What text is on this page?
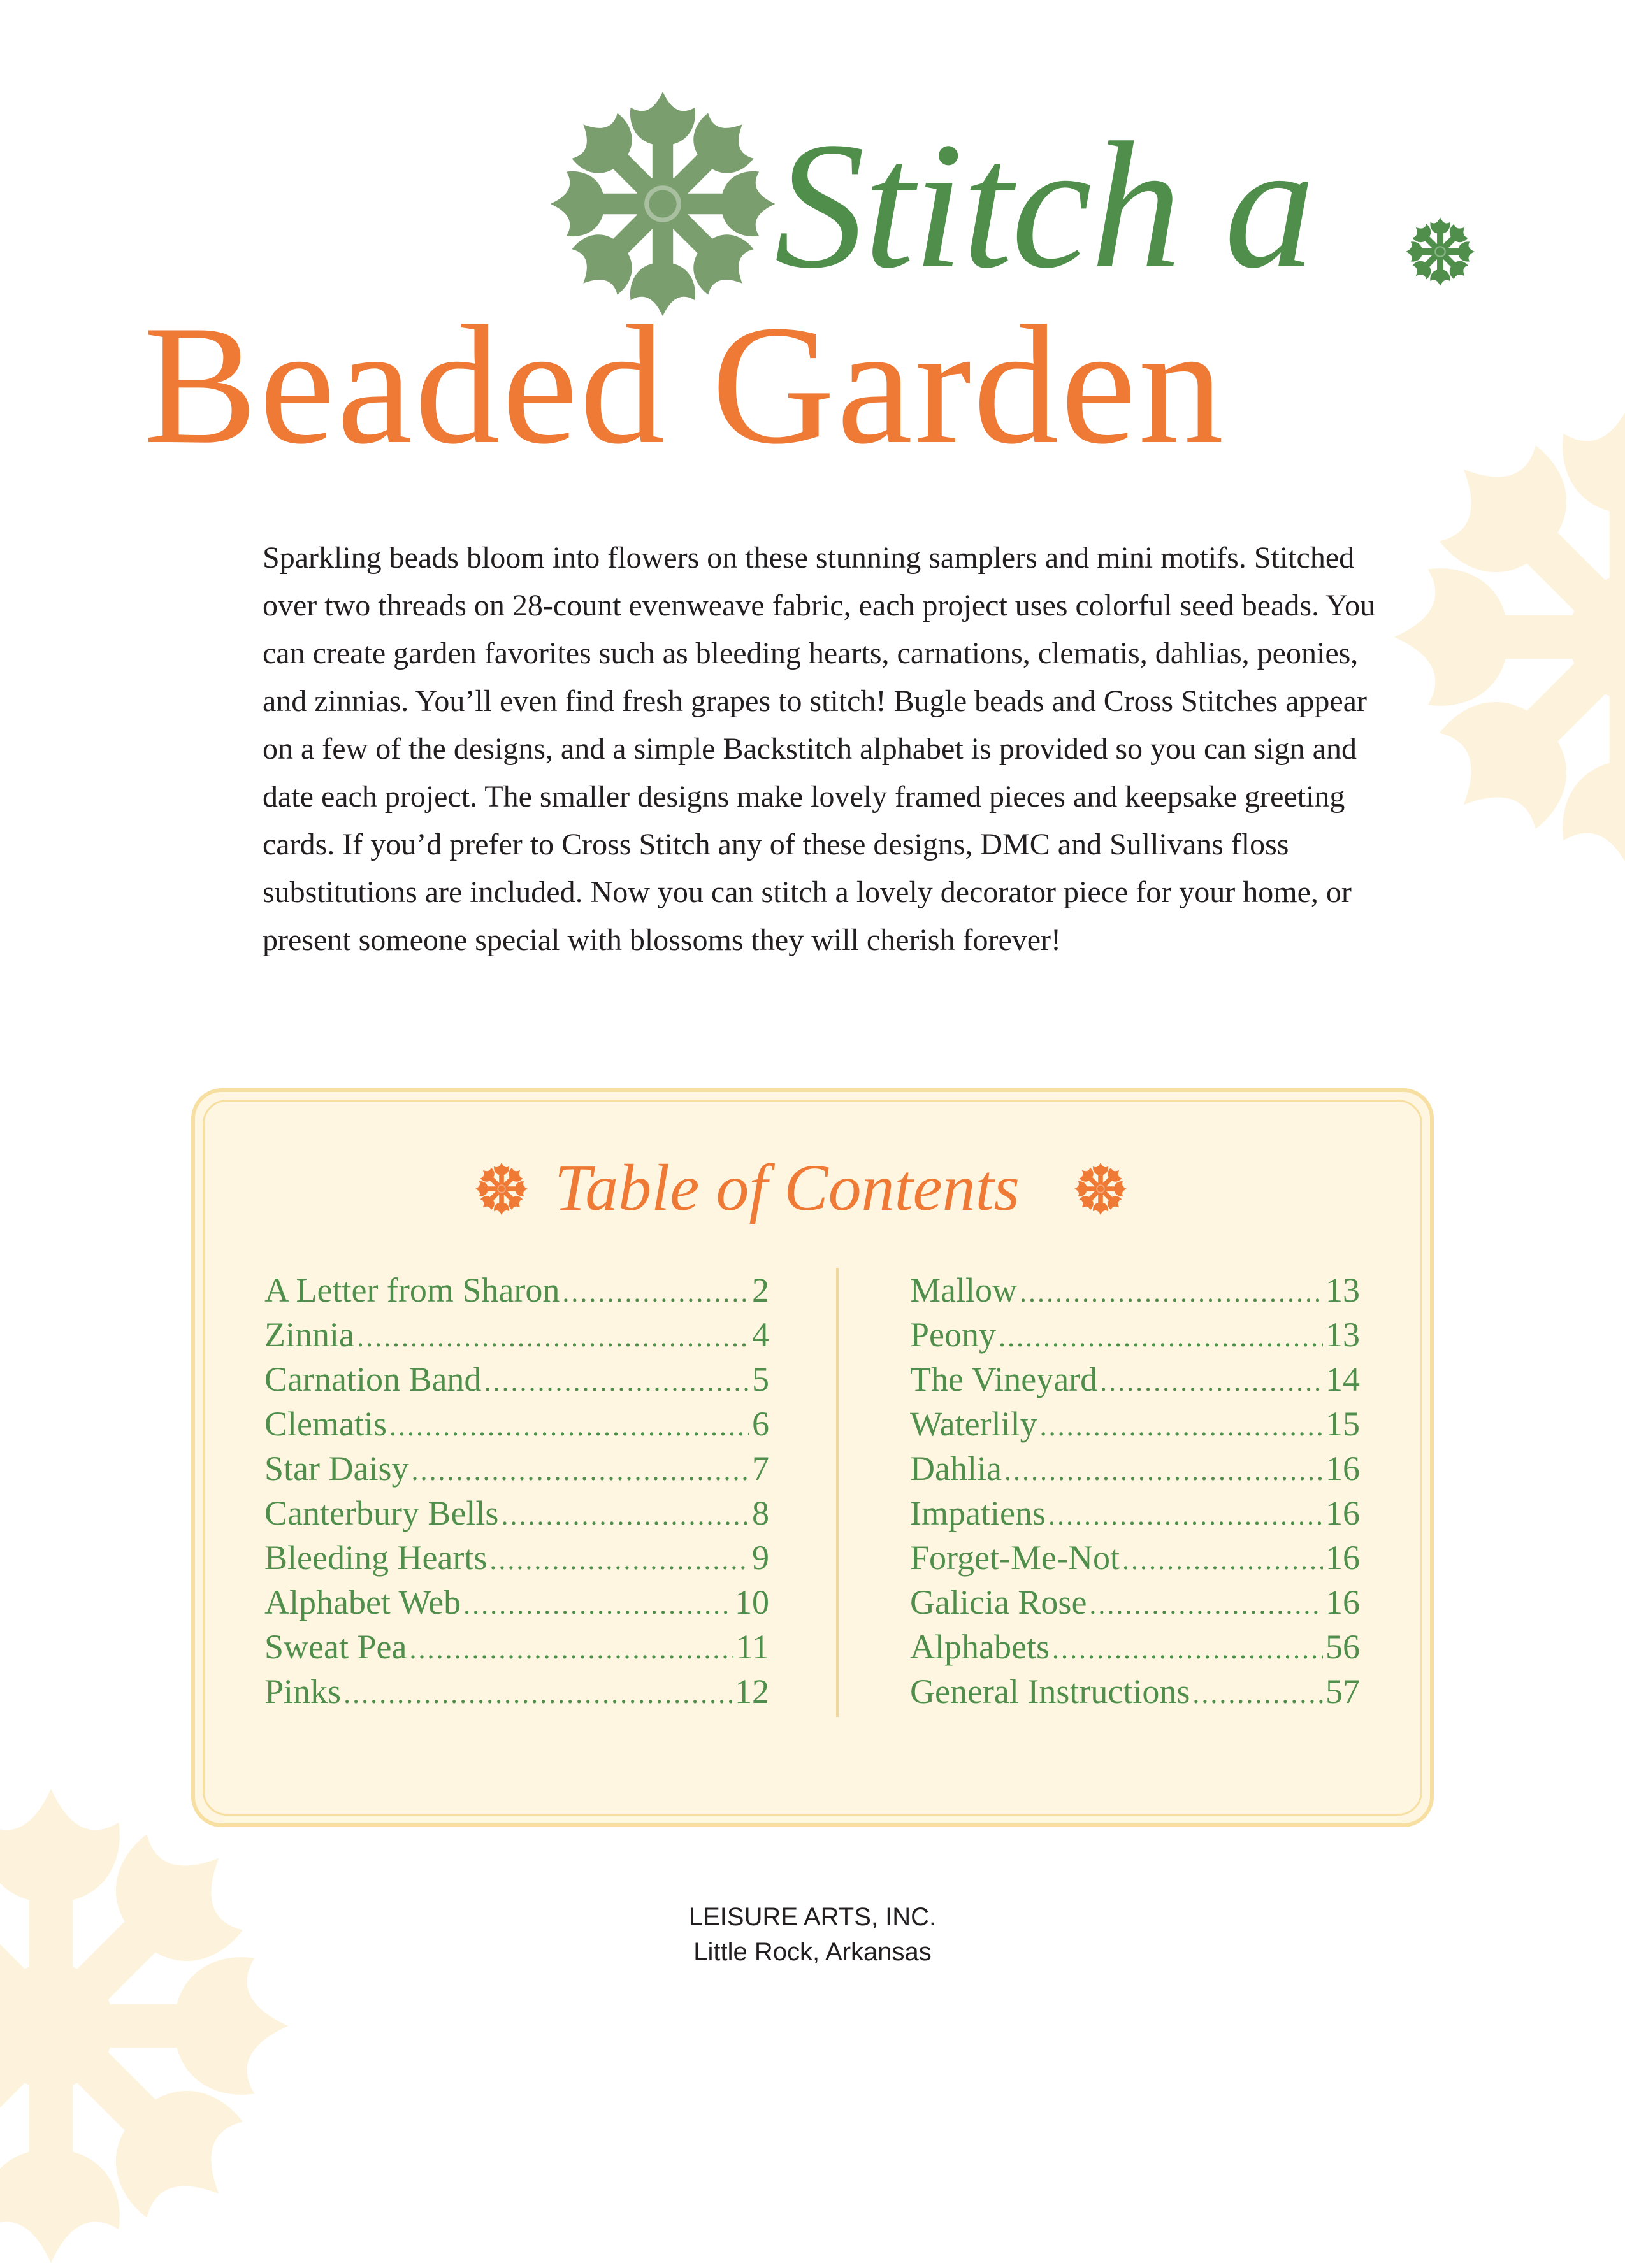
Stitch a
Beaded Garden

Sparkling beads bloom into flowers on these stunning samplers and mini motifs. Stitched over two threads on 28-count evenweave fabric, each project uses colorful seed beads. You can create garden favorites such as bleeding hearts, carnations, clematis, dahlias, peonies, and zinnias. You’ll even find fresh grapes to stitch! Bugle beads and Cross Stitches appear on a few of the designs, and a simple Backstitch alphabet is provided so you can sign and date each project. The smaller designs make lovely framed pieces and keepsake greeting cards. If you’d prefer to Cross Stitch any of these designs, DMC and Sullivans floss substitutions are included. Now you can stitch a lovely decorator piece for your home, or present someone special with blossoms they will cherish forever!

Table of Contents
A Letter from Sharon .....	2
Zinnia .....	4
Carnation Band .....	5
Clematis .....	6
Star Daisy .....	7
Canterbury Bells .....	8
Bleeding Hearts .....	9
Alphabet Web .....	10
Sweat Pea .....	11
Pinks .....	12
Mallow .....	13
Peony .....	13
The Vineyard .....	14
Waterlily .....	15
Dahlia .....	16
Impatiens .....	16
Forget-Me-Not .....	16
Galicia Rose .....	16
Alphabets .....	56
General Instructions .....	57
LEISURE ARTS, INC.
Little Rock, Arkansas
